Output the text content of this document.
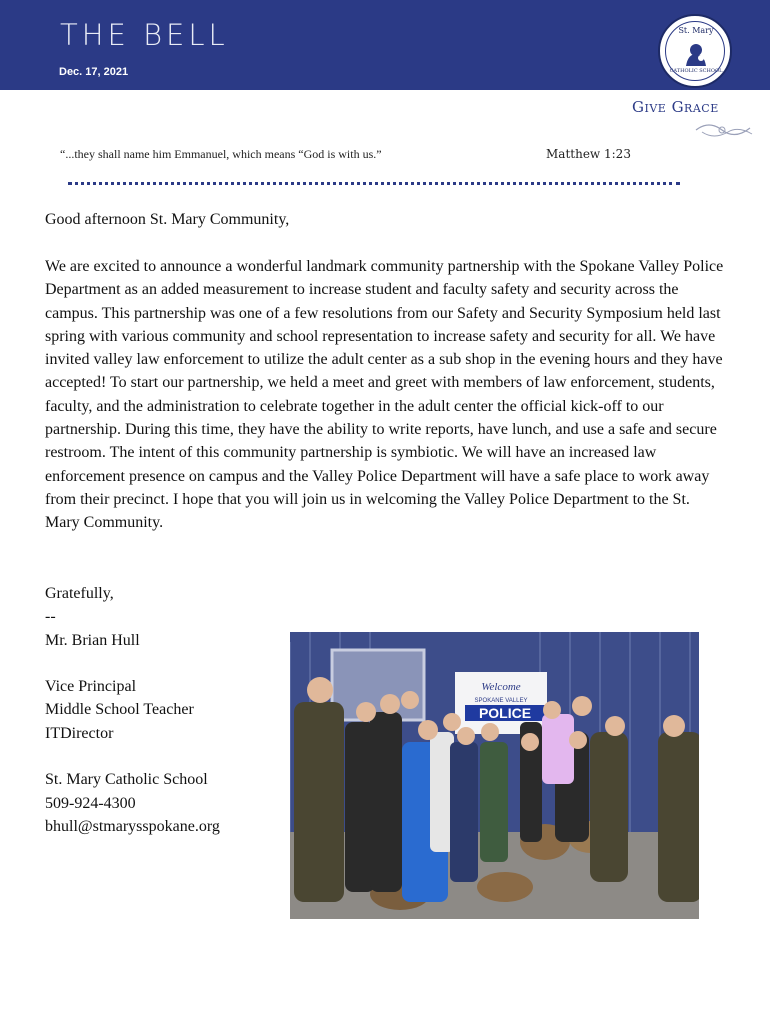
THE BELL
Dec. 17, 2021
St. Mary
CATHOLIC SCHOOL
Give Grace
“...they shall name him Emmanuel, which means “God is with us.”	Matthew 1:23
Good afternoon St. Mary Community,
We are excited to announce a wonderful landmark community partnership with the Spokane Valley Police Department as an added measurement to increase student and faculty safety and security across the campus. This partnership was one of a few resolutions from our Safety and Security Symposium held last spring with various community and school representation to increase safety and security for all. We have invited valley law enforcement to utilize the adult center as a sub shop in the evening hours and they have accepted! To start our partnership, we held a meet and greet with members of law enforcement, students, faculty, and the administration to celebrate together in the adult center the official kick-off to our partnership. During this time, they have the ability to write reports, have lunch, and use a safe and secure restroom. The intent of this community partnership is symbiotic. We will have an increased law enforcement presence on campus and the Valley Police Department will have a safe place to work away from their precinct. I hope that you will join us in welcoming the Valley Police Department to the St. Mary Community.
Gratefully,
--
Mr. Brian Hull
Vice Principal
Middle School Teacher
ITDirector
St. Mary Catholic School
509-924-4300
bhull@stmarysspokane.org
Welcome
SPOKANE VALLEY
POLICE
